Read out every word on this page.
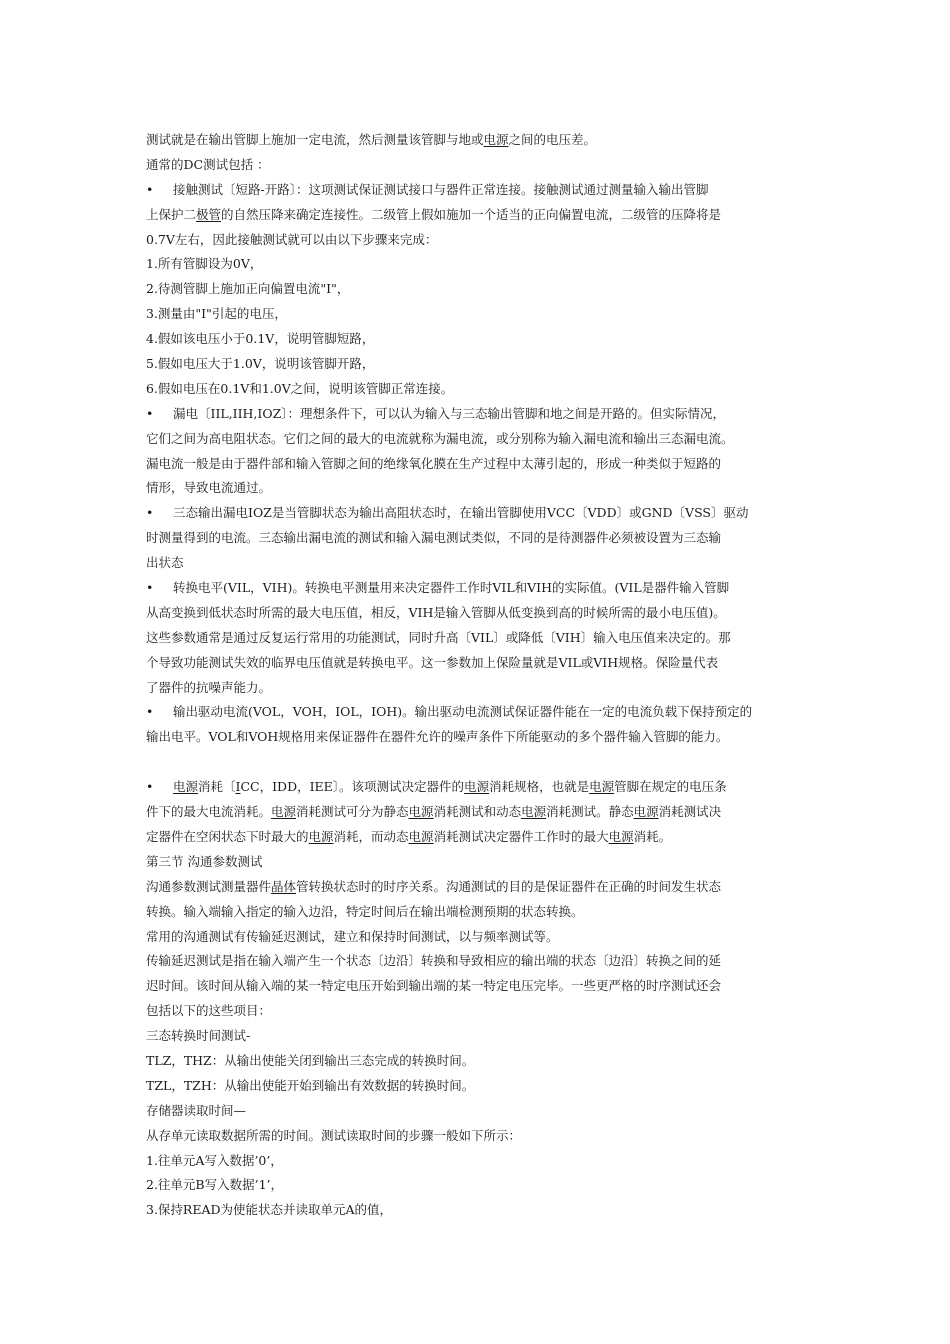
测试就是在输出管脚上施加一定电流，然后测量该管脚与地或电源之间的电压差。
通常的DC测试包括 ：
• 接触测试〔短路-开路〕：这项测试保证测试接口与器件正常连接。接触测试通过测量输入输出管脚
上保护二极管的自然压降来确定连接性。二级管上假如施加一个适当的正向偏置电流，二级管的压降将是
0.7V左右，因此接触测试就可以由以下步骤来完成：
1.所有管脚设为0V，
2.待测管脚上施加正向偏置电流"I"，
3.测量由"I"引起的电压，
4.假如该电压小于0.1V，说明管脚短路，
5.假如电压大于1.0V，说明该管脚开路，
6.假如电压在0.1V和1.0V之间，说明该管脚正常连接。
• 漏电〔IIL,IIH,IOZ〕：理想条件下，可以认为输入与三态输出管脚和地之间是开路的。但实际情况，
它们之间为高电阻状态。它们之间的最大的电流就称为漏电流，或分别称为输入漏电流和输出三态漏电流。
漏电流一般是由于器件部和输入管脚之间的绝缘氧化膜在生产过程中太薄引起的，形成一种类似于短路的
情形，导致电流通过。
• 三态输出漏电IOZ是当管脚状态为输出高阻状态时，在输出管脚使用VCC〔VDD〕或GND〔VSS〕驱动
时测量得到的电流。三态输出漏电流的测试和输入漏电测试类似，不同的是待测器件必须被设置为三态输
出状态
• 转换电平(VIL，VIH)。转换电平测量用来决定器件工作时VIL和VIH的实际值。(VIL是器件输入管脚
从高变换到低状态时所需的最大电压值，相反，VIH是输入管脚从低变换到高的时候所需的最小电压值)。
这些参数通常是通过反复运行常用的功能测试，同时升高〔VIL〕或降低〔VIH〕输入电压值来决定的。那
个导致功能测试失效的临界电压值就是转换电平。这一参数加上保险量就是VIL或VIH规格。保险量代表
了器件的抗噪声能力。
• 输出驱动电流(VOL，VOH，IOL，IOH)。输出驱动电流测试保证器件能在一定的电流负载下保持预定的
输出电平。VOL和VOH规格用来保证器件在器件允许的噪声条件下所能驱动的多个器件输入管脚的能力。
• 电源消耗〔ICC，IDD，IEE〕。该项测试决定器件的电源消耗规格，也就是电源管脚在规定的电压条
件下的最大电流消耗。电源消耗测试可分为静态电源消耗测试和动态电源消耗测试。静态电源消耗测试决
定器件在空闲状态下时最大的电源消耗，而动态电源消耗测试决定器件工作时的最大电源消耗。
第三节 沟通参数测试
沟通参数测试测量器件晶体管转换状态时的时序关系。沟通测试的目的是保证器件在正确的时间发生状态
转换。输入端输入指定的输入边沿，特定时间后在输出端检测预期的状态转换。
常用的沟通测试有传输延迟测试，建立和保持时间测试，以与频率测试等。
传输延迟测试是指在输入端产生一个状态〔边沿〕转换和导致相应的输出端的状态〔边沿〕转换之间的延
迟时间。该时间从输入端的某一特定电压开始到输出端的某一特定电压完毕。一些更严格的时序测试还会
包括以下的这些项目：
三态转换时间测试-
TLZ，THZ：从输出使能关闭到输出三态完成的转换时间。
TZL，TZH：从输出使能开始到输出有效数据的转换时间。
存储器读取时间—
从存单元读取数据所需的时间。测试读取时间的步骤一般如下所示：
1.往单元A写入数据’0’，
2.往单元B写入数据’1’，
3.保持READ为使能状态并读取单元A的值，
